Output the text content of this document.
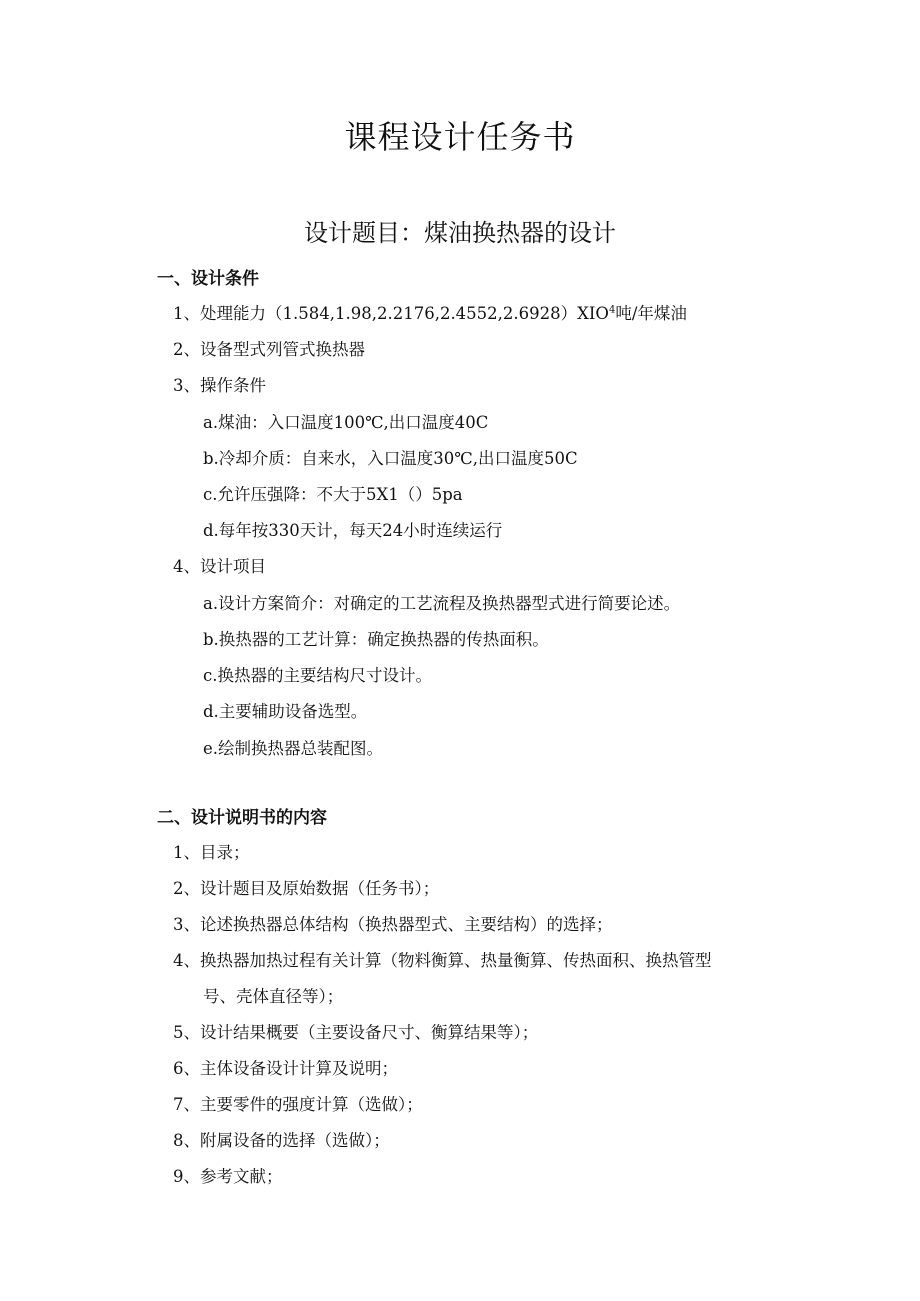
课程设计任务书
设计题目：煤油换热器的设计
一、设计条件
1、处理能力（1.584,1.98,2.2176,2.4552,2.6928）XIO$^4$吨/年煤油
2、设备型式列管式换热器
3、操作条件
a.煤油：入口温度100℃,出口温度40C
b.冷却介质：自来水，入口温度30℃,出口温度50C
c.允许压强降：不大于5X1（）5pa
d.每年按330天计，每天24小时连续运行
4、设计项目
a.设计方案简介：对确定的工艺流程及换热器型式进行简要论述。
b.换热器的工艺计算：确定换热器的传热面积。
c.换热器的主要结构尺寸设计。
d.主要辅助设备选型。
e.绘制换热器总装配图。
二、设计说明书的内容
1、目录；
2、设计题目及原始数据（任务书）；
3、论述换热器总体结构（换热器型式、主要结构）的选择；
4、换热器加热过程有关计算（物料衡算、热量衡算、传热面积、换热管型
号、壳体直径等）；
5、设计结果概要（主要设备尺寸、衡算结果等）；
6、主体设备设计计算及说明；
7、主要零件的强度计算（选做）；
8、附属设备的选择（选做）；
9、参考文献；
